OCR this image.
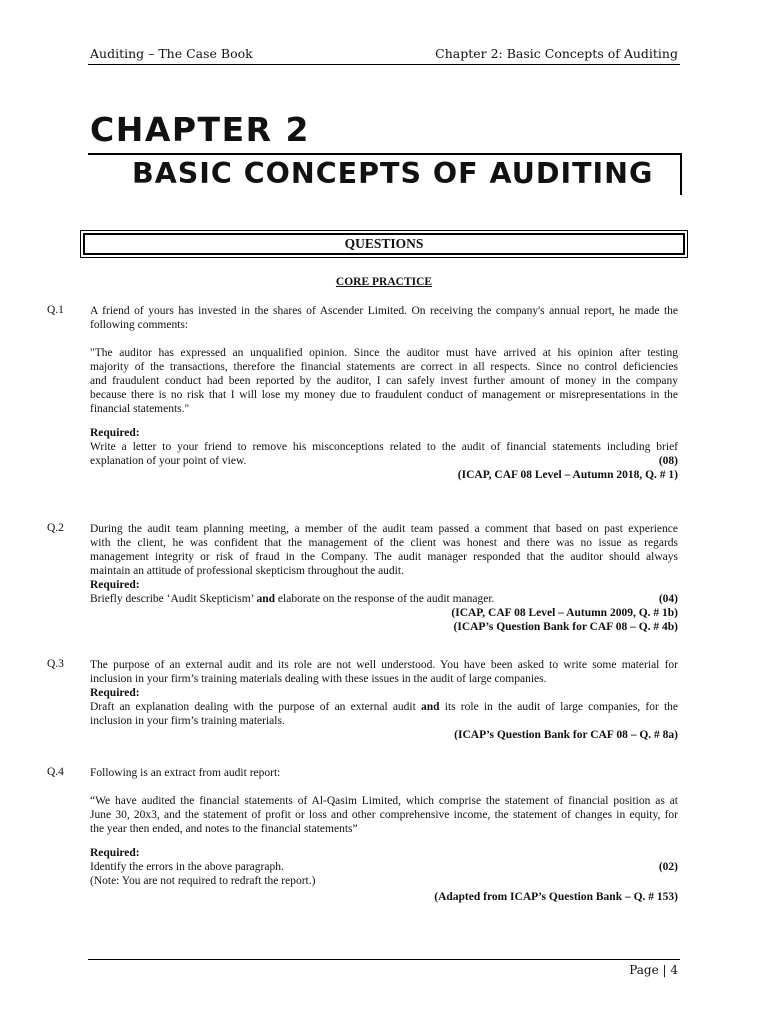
Auditing – The Case Book	Chapter 2: Basic Concepts of Auditing
CHAPTER 2
BASIC CONCEPTS OF AUDITING
QUESTIONS
CORE PRACTICE
Q.1 A friend of yours has invested in the shares of Ascender Limited. On receiving the company's annual report, he made the
following comments:
"The auditor has expressed an unqualified opinion. Since the auditor must have arrived at his opinion after testing
majority of the transactions, therefore the financial statements are correct in all respects. Since no control deficiencies
and fraudulent conduct had been reported by the auditor, I can safely invest further amount of money in the company
because there is no risk that I will lose my money due to fraudulent conduct of management or misrepresentations in the
financial statements."
Required:
Write a letter to your friend to remove his misconceptions related to the audit of financial statements including brief
explanation of your point of view.	(08)
(ICAP, CAF 08 Level – Autumn 2018, Q. # 1)
Q.2 During the audit team planning meeting, a member of the audit team passed a comment that based on past experience
with the client, he was confident that the management of the client was honest and there was no issue as regards
management integrity or risk of fraud in the Company. The audit manager responded that the auditor should always
maintain an attitude of professional skepticism throughout the audit.
Required:
Briefly describe ‘Audit Skepticism’ and elaborate on the response of the audit manager.	(04)
(ICAP, CAF 08 Level – Autumn 2009, Q. # 1b)
(ICAP’s Question Bank for CAF 08 – Q. # 4b)
Q.3 The purpose of an external audit and its role are not well understood. You have been asked to write some material for
inclusion in your firm’s training materials dealing with these issues in the audit of large companies.
Required:
Draft an explanation dealing with the purpose of an external audit and its role in the audit of large companies, for the
inclusion in your firm’s training materials.
(ICAP’s Question Bank for CAF 08 – Q. # 8a)
Q.4 Following is an extract from audit report:
“We have audited the financial statements of Al-Qasim Limited, which comprise the statement of financial position as at
June 30, 20x3, and the statement of profit or loss and other comprehensive income, the statement of changes in equity, for
the year then ended, and notes to the financial statements”
Required:
Identify the errors in the above paragraph.	(02)
(Note: You are not required to redraft the report.)
(Adapted from ICAP’s Question Bank – Q. # 153)
Page | 4
